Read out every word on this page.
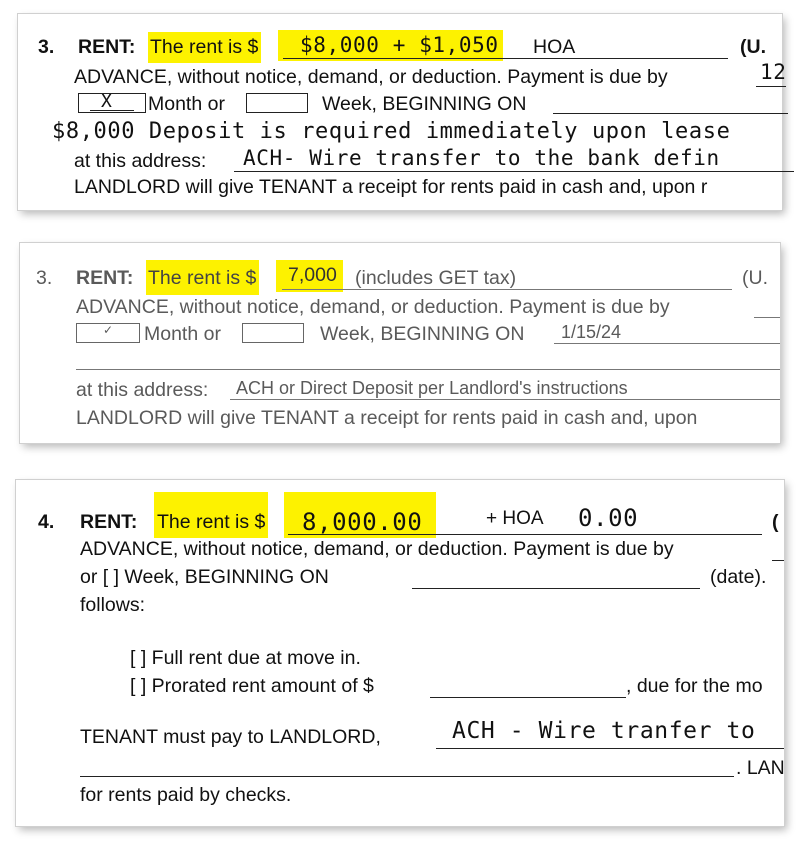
3. RENT: The rent is $	$8,000 + $1,050 HOA	(U.
ADVANCE, without notice, demand, or deduction. Payment is due by	12
X Month or	Week, BEGINNING ON
$8,000 Deposit is required immediately upon lease
at this address: ACH- Wire transfer to the bank defin
LANDLORD will give TENANT a receipt for rents paid in cash and, upon r
3. RENT: The rent is $	7,000 (includes GET tax)	(U.
ADVANCE, without notice, demand, or deduction. Payment is due by
✓ Month or	Week, BEGINNING ON 1/15/24
at this address: ACH or Direct Deposit per Landlord's instructions
LANDLORD will give TENANT a receipt for rents paid in cash and, upon
4. RENT: The rent is $	8,000.00	+ HOA 0.00	(
ADVANCE, without notice, demand, or deduction. Payment is due by
or [ ] Week, BEGINNING ON	(date).
follows:
[ ] Full rent due at move in.
[ ] Prorated rent amount of $	, due for the mo
TENANT must pay to LANDLORD,	ACH - Wire tranfer to
. LAN
for rents paid by checks.
